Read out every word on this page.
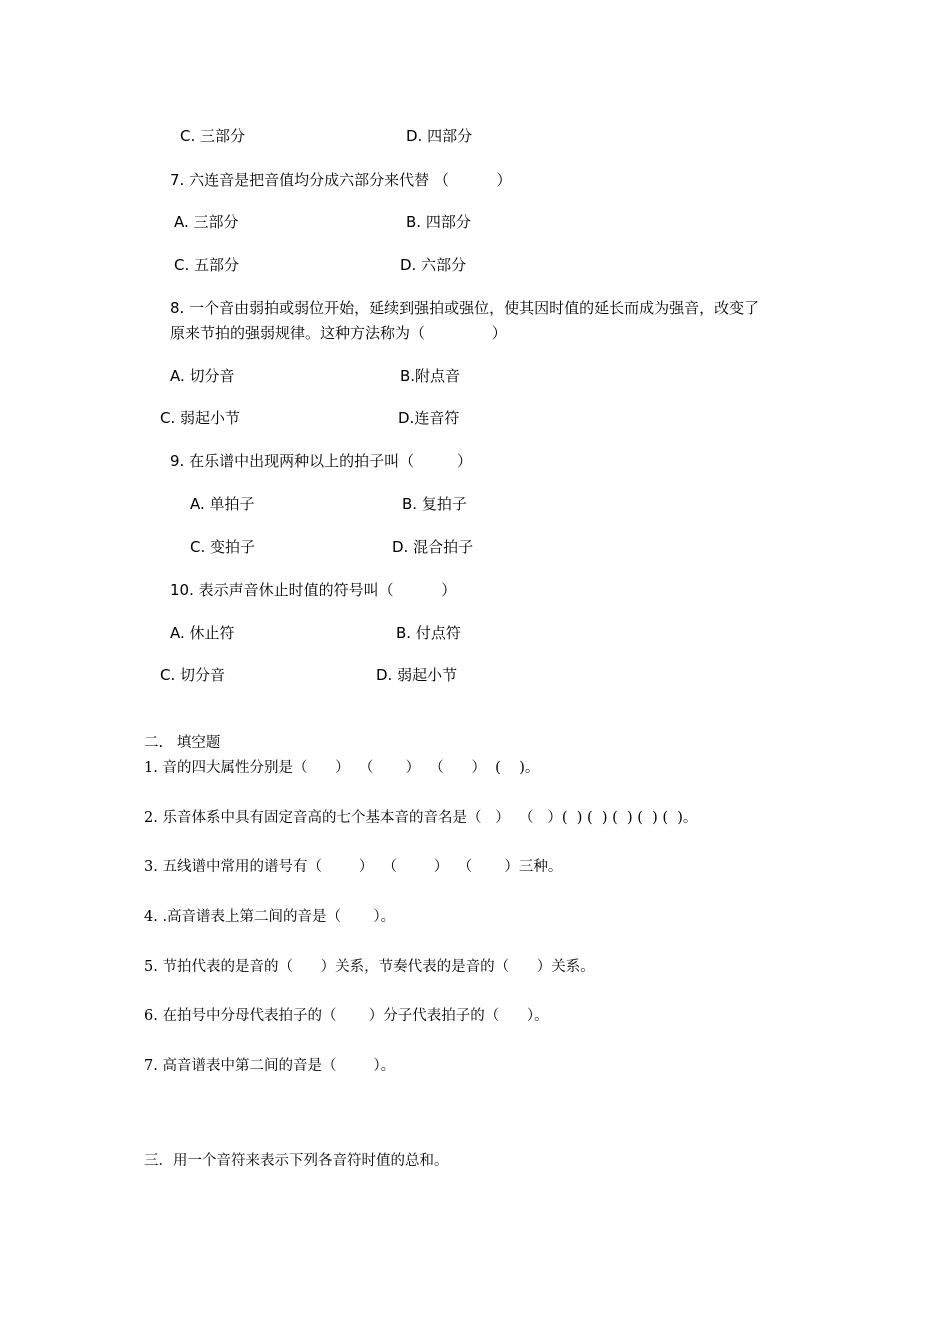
C. 三部分	D. 四部分
7. 六连音是把音值均分成六部分来代替 （          ）
A. 三部分	B. 四部分
C. 五部分	D. 六部分
8. 一个音由弱拍或弱位开始，延续到强拍或强位，使其因时值的延长而成为强音，改变了
原来节拍的强弱规律。这种方法称为（              ）
A. 切分音	B.附点音
C. 弱起小节	D.连音符
9. 在乐谱中出现两种以上的拍子叫（         ）
A. 单拍子	B. 复拍子
C. 变拍子	D. 混合拍子
10. 表示声音休止时值的符号叫（          ）
A. 休止符	B. 付点符
C. 切分音	D. 弱起小节
二.   填空题
1. 音的四大属性分别是（      ）  （       ）  （      ）  (    )。
2. 乐音体系中具有固定音高的七个基本音的音名是（   ）  （   ）(  ) (  ) (  ) (  ) (  )。
3. 五线谱中常用的谱号有（        ）  （        ）  （       ）三种。
4. .高音谱表上第二间的音是（       ）。
5. 节拍代表的是音的（      ）关系，节奏代表的是音的（      ）关系。
6. 在拍号中分母代表拍子的（       ）分子代表拍子的（      ）。
7. 高音谱表中第二间的音是（        ）。
三．用一个音符来表示下列各音符时值的总和。
